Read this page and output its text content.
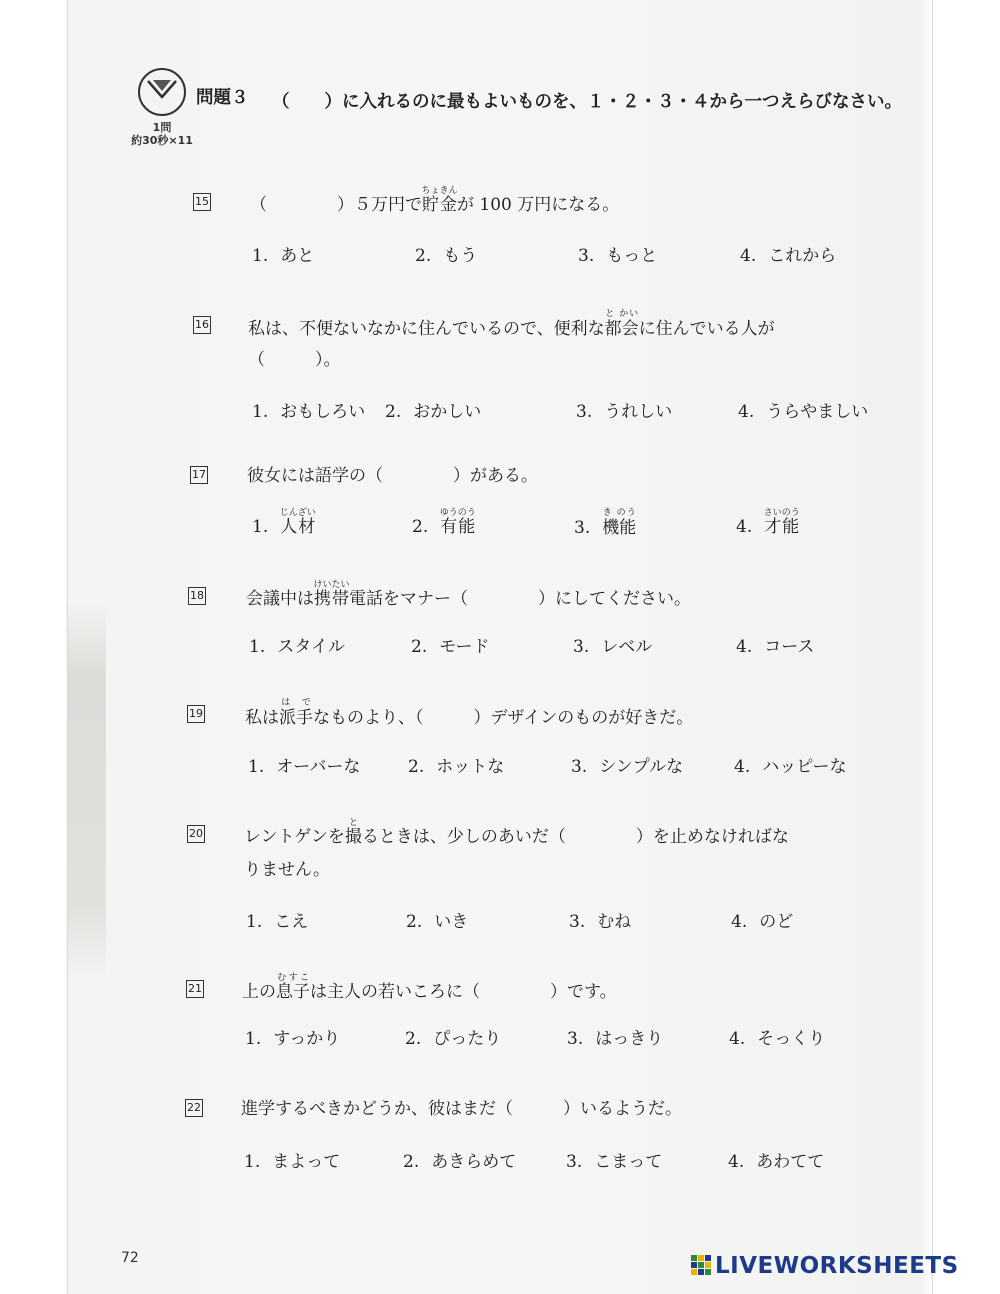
1問
約30秒×11
問題３ （　　）に入れるのに最もよいものを、１・２・３・４から一つえらびなさい。
15 （	）５万円で貯金ちょきんが 100 万円になる。
1. あと	2. もう	3. もっと	4. これから
16 私は、不便ないなかに住んでいるので、便利な都会と かいに住んでいる人が
（	）。
1. おもしろい 2. おかしい	3. うれしい	4. うらやましい
17 彼女には語学の（	）がある。
1. 人材じんざい
2. 有能ゆうのう
3. 機能き のう
4. 才能さいのう
18 会議中は携帯けいたい電話をマナー（	）にしてください。
1. スタイル	2. モード	3. レベル	4. コース
19 私は派手は でなものより、（	）デザインのものが好きだ。
1. オーバーな	2. ホットな	3. シンプルな	4. ハッピーな
20 レントゲンを撮とるときは、少しのあいだ（	）を止めなければな
りません。
1. こえ	2. いき	3. むね	4. のど
21 上の息子むすこは主人の若いころに（	）です。
1. すっかり	2. ぴったり	3. はっきり	4. そっくり
22 進学するべきかどうか、彼はまだ（	）いるようだ。
1. まよって	2. あきらめて	3. こまって	4. あわてて
72	LIVEWORKSHEETS
